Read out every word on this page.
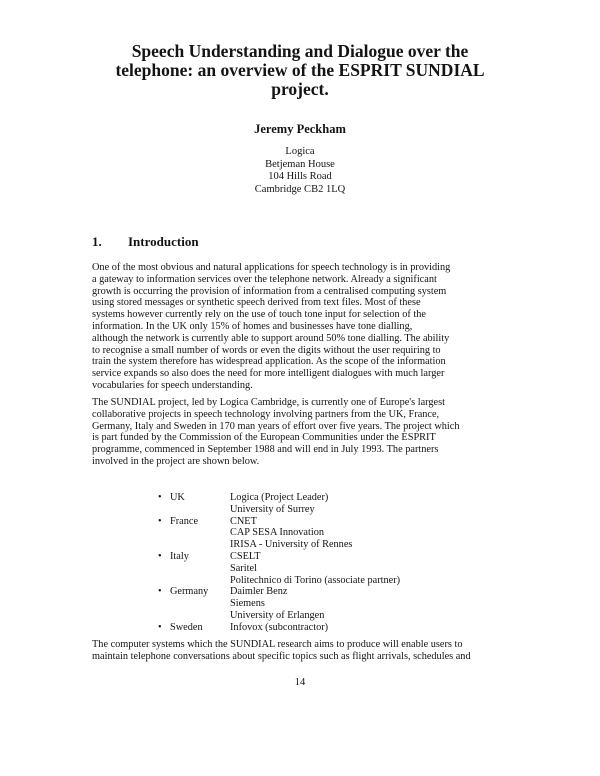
Speech Understanding and Dialogue over the
telephone: an overview of the ESPRIT SUNDIAL
project.
Jeremy Peckham
Logica
Betjeman House
104 Hills Road
Cambridge CB2 1LQ
1. Introduction

One of the most obvious and natural applications for speech technology is in providing
a gateway to information services over the telephone network. Already a significant
growth is occurring the provision of information from a centralised computing system
using stored messages or synthetic speech derived from text files. Most of these
systems however currently rely on the use of touch tone input for selection of the
information. In the UK only 15% of homes and businesses have tone dialling,
although the network is currently able to support around 50% tone dialling. The ability
to recognise a small number of words or even the digits without the user requiring to
train the system therefore has widespread application. As the scope of the information
service expands so also does the need for more intelligent dialogues with much larger
vocabularies for speech understanding.

The SUNDIAL project, led by Logica Cambridge, is currently one of Europe's largest
collaborative projects in speech technology involving partners from the UK, France,
Germany, Italy and Sweden in 170 man years of effort over five years. The project which
is part funded by the Commission of the European Communities under the ESPRIT
programme, commenced in September 1988 and will end in July 1993. The partners
involved in the project are shown below.

• UK	Logica (Project Leader)
University of Surrey
• France	CNET
CAP SESA Innovation
IRISA - University of Rennes
• Italy	CSELT
Saritel
Politechnico di Torino (associate partner)
• Germany	Daimler Benz
Siemens
University of Erlangen
• Sweden	Infovox (subcontractor)

The computer systems which the SUNDIAL research aims to produce will enable users to
maintain telephone conversations about specific topics such as flight arrivals, schedules and

14
